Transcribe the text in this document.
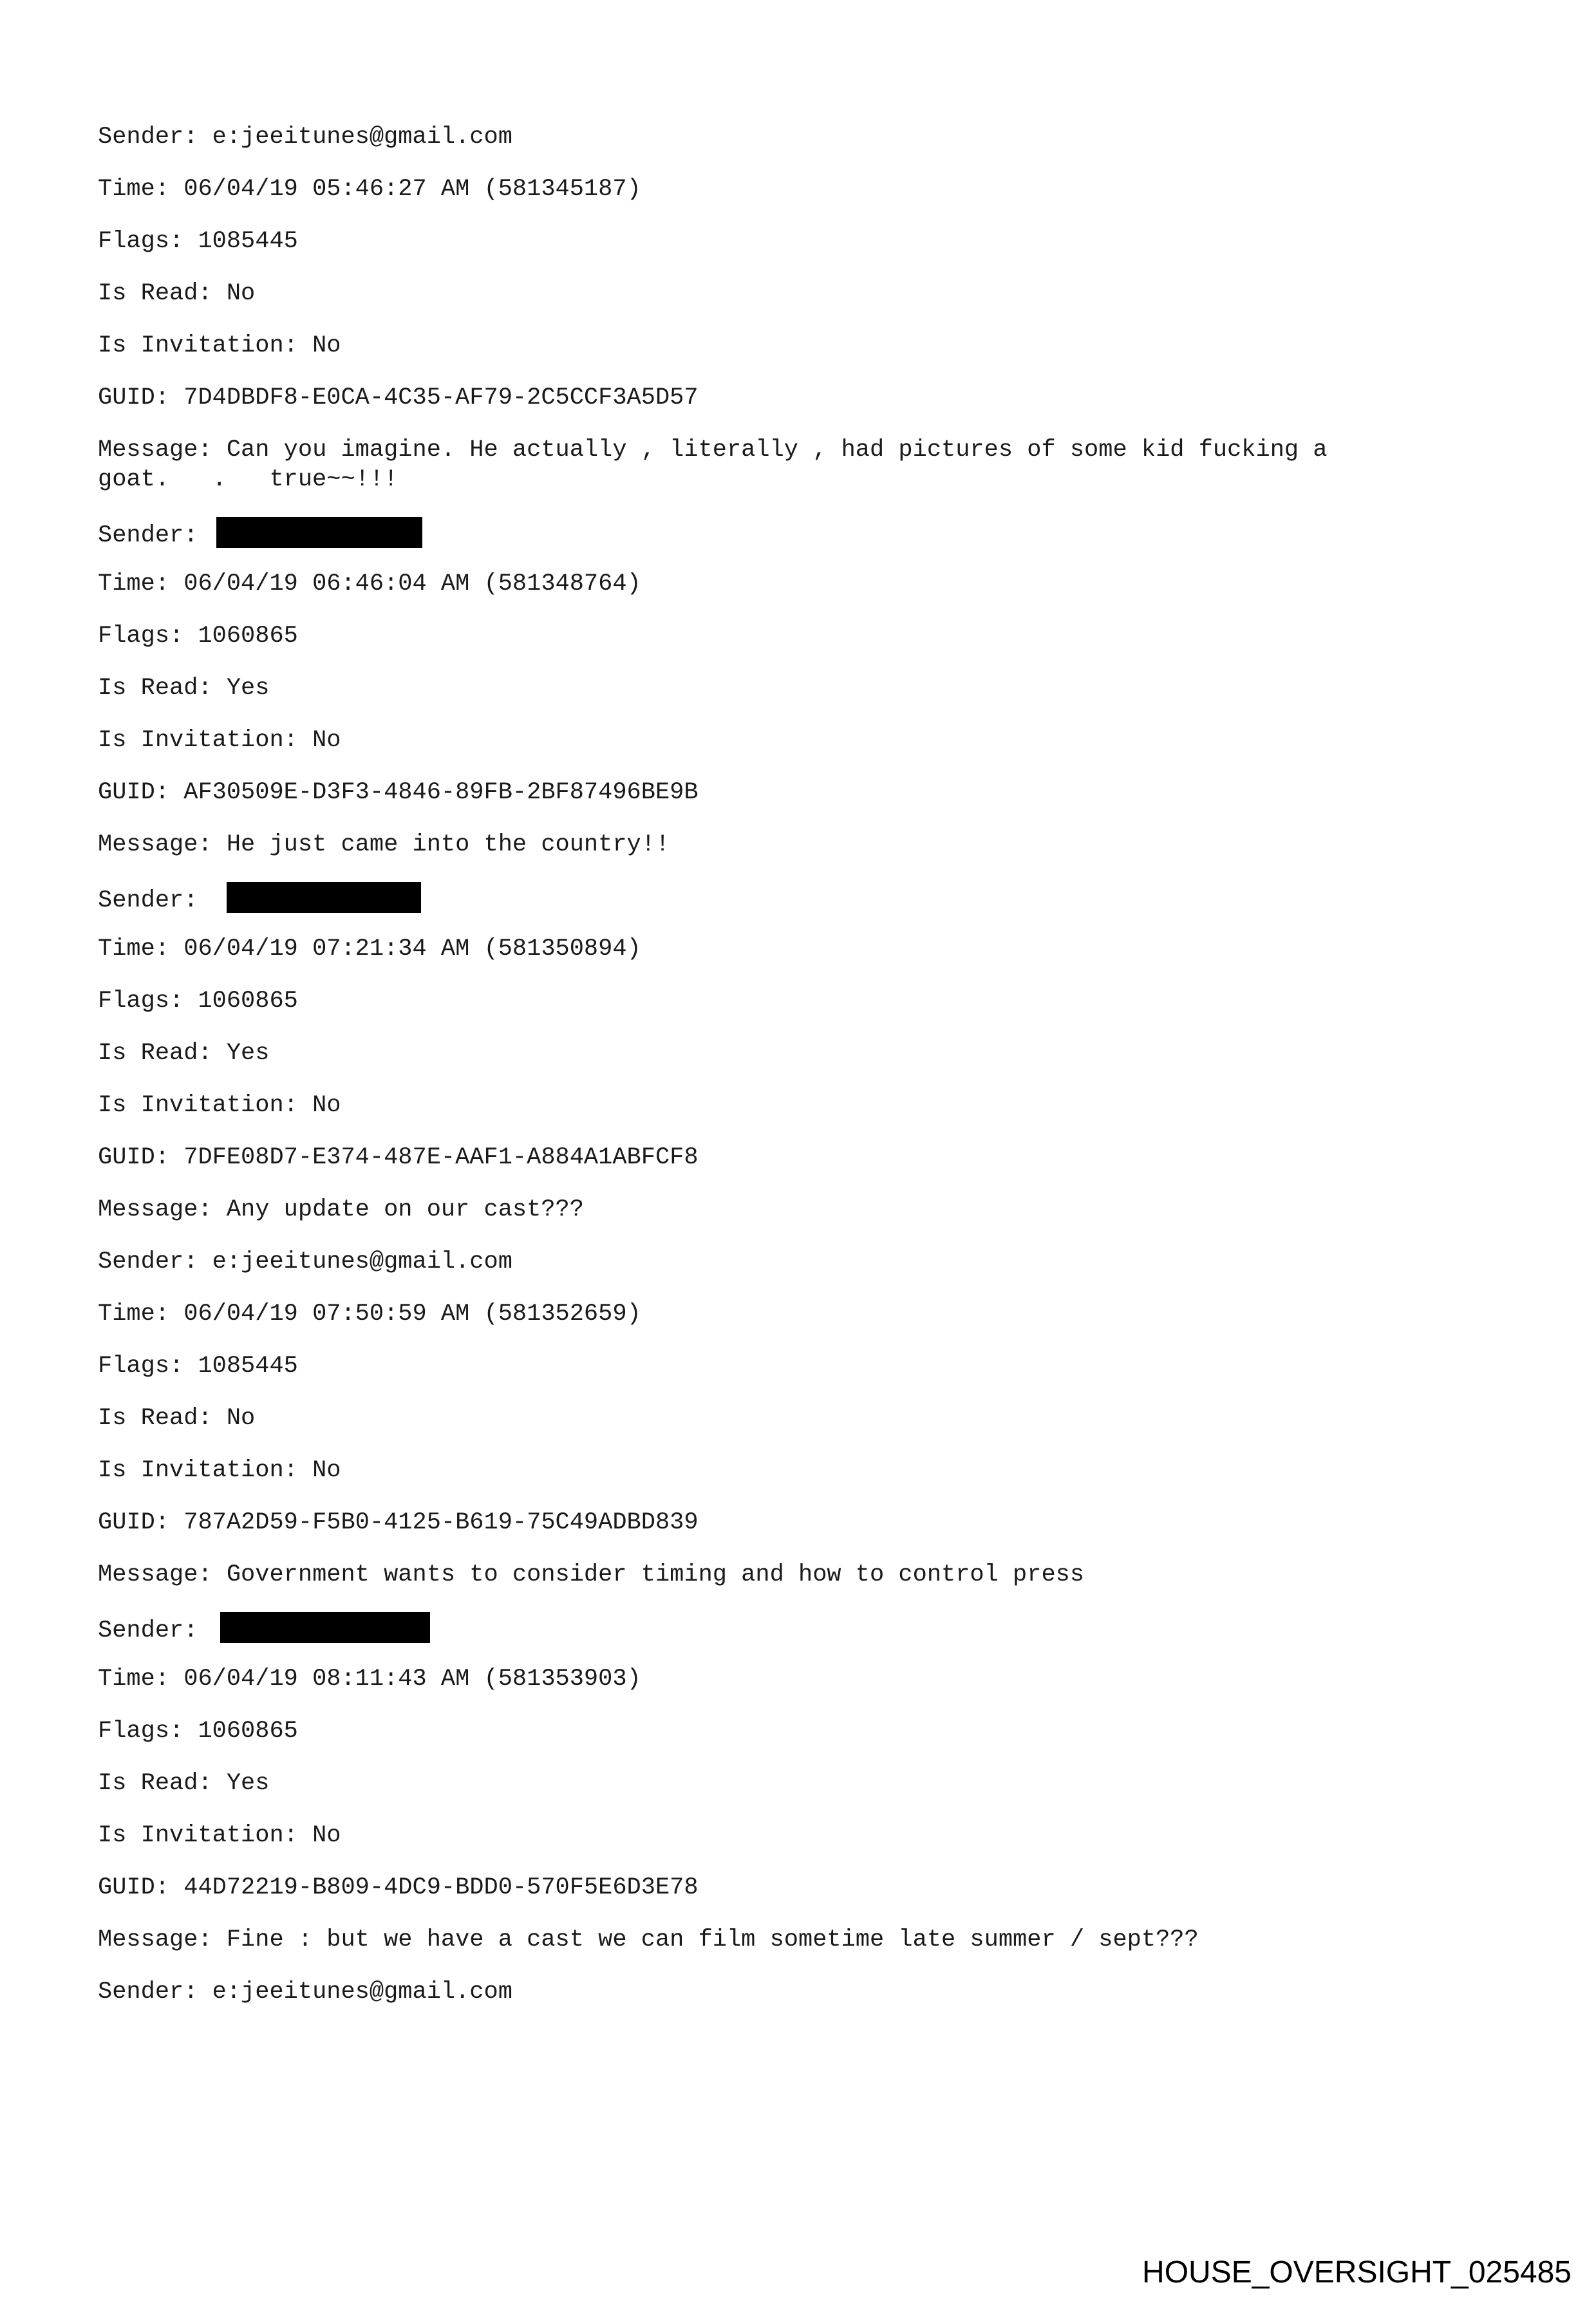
Sender: e:jeeitunes@gmail.com
Time: 06/04/19 05:46:27 AM (581345187)
Flags: 1085445
Is Read: No
Is Invitation: No
GUID: 7D4DBDF8-E0CA-4C35-AF79-2C5CCF3A5D57
Message: Can you imagine. He actually , literally , had pictures of some kid fucking a
goat.   .   true~~!!!
Sender:
Time: 06/04/19 06:46:04 AM (581348764)
Flags: 1060865
Is Read: Yes
Is Invitation: No
GUID: AF30509E-D3F3-4846-89FB-2BF87496BE9B
Message: He just came into the country!!
Sender:
Time: 06/04/19 07:21:34 AM (581350894)
Flags: 1060865
Is Read: Yes
Is Invitation: No
GUID: 7DFE08D7-E374-487E-AAF1-A884A1ABFCF8
Message: Any update on our cast???
Sender: e:jeeitunes@gmail.com
Time: 06/04/19 07:50:59 AM (581352659)
Flags: 1085445
Is Read: No
Is Invitation: No
GUID: 787A2D59-F5B0-4125-B619-75C49ADBD839
Message: Government wants to consider timing and how to control press
Sender:
Time: 06/04/19 08:11:43 AM (581353903)
Flags: 1060865
Is Read: Yes
Is Invitation: No
GUID: 44D72219-B809-4DC9-BDD0-570F5E6D3E78
Message: Fine : but we have a cast we can film sometime late summer / sept???
Sender: e:jeeitunes@gmail.com
HOUSE_OVERSIGHT_025485
